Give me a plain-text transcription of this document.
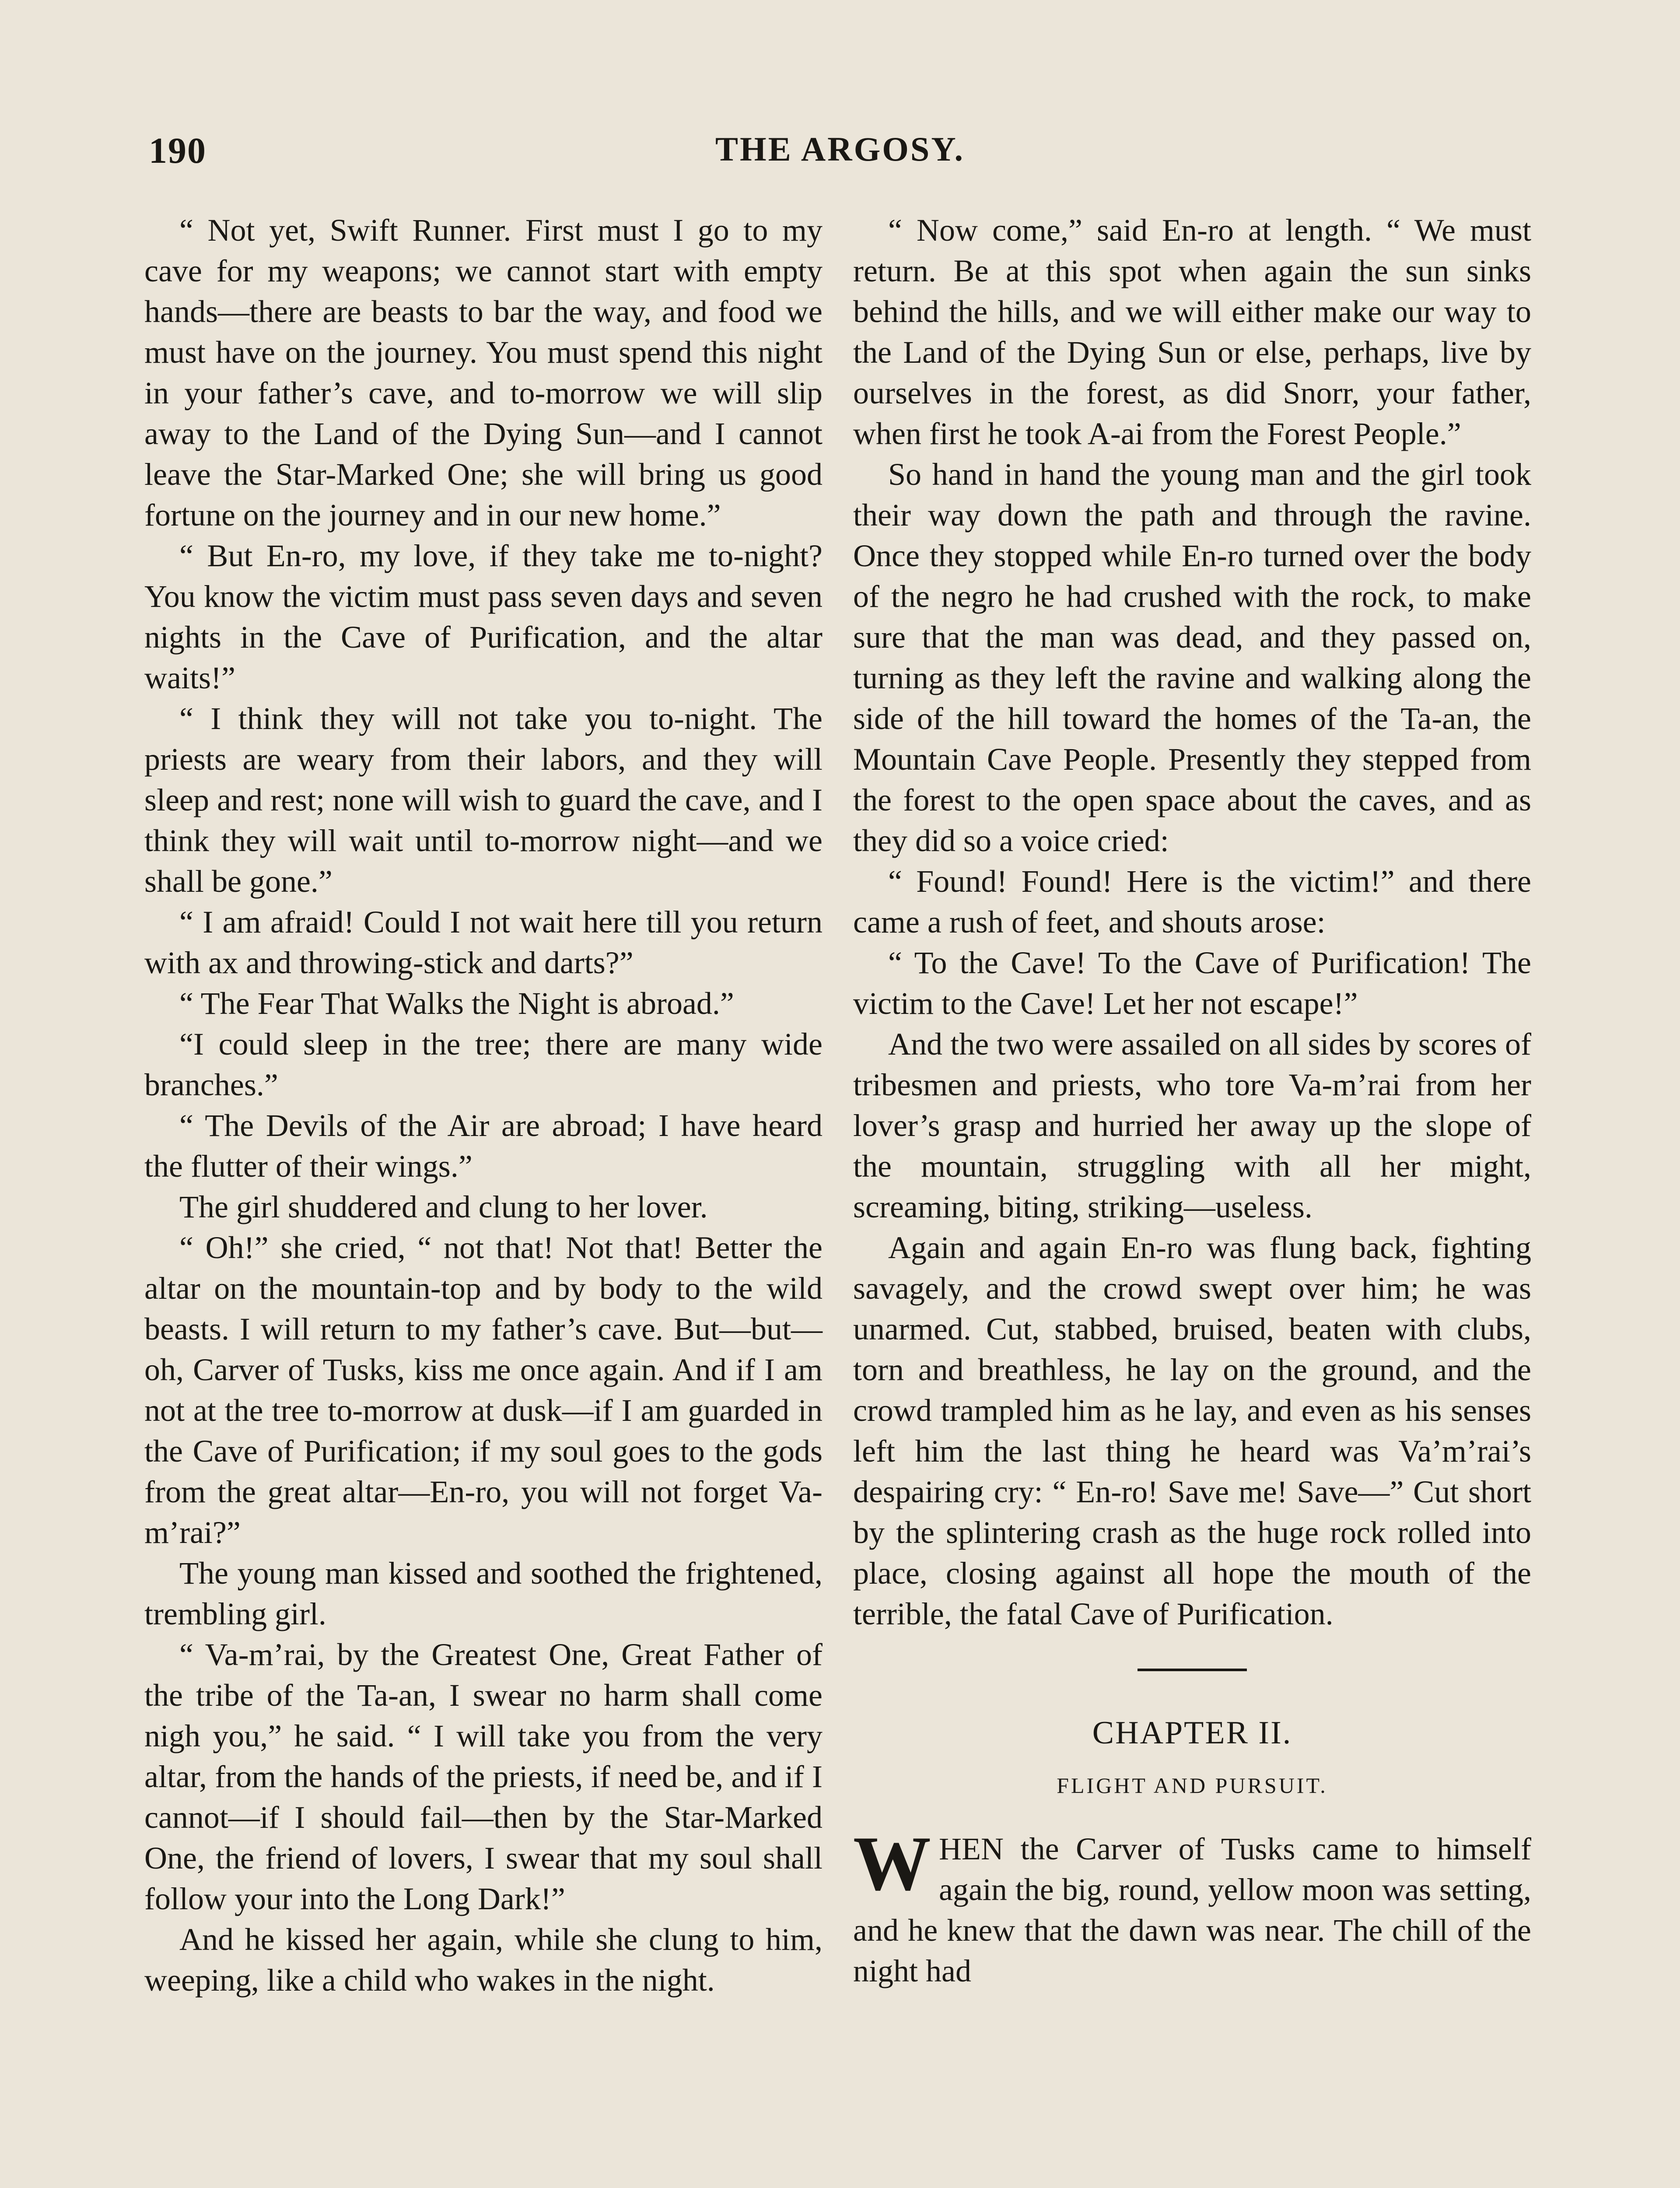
190	THE ARGOSY.

“ Not yet, Swift Runner. First must I go to my cave for my weapons; we cannot start with empty hands—there are beasts to bar the way, and food we must have on the journey. You must spend this night in your father’s cave, and to-morrow we will slip away to the Land of the Dying Sun—and I cannot leave the Star-Marked One; she will bring us good fortune on the journey and in our new home.”

“ But En-ro, my love, if they take me to-night? You know the victim must pass seven days and seven nights in the Cave of Purification, and the altar waits!”

“ I think they will not take you to-night. The priests are weary from their labors, and they will sleep and rest; none will wish to guard the cave, and I think they will wait until to-morrow night—and we shall be gone.”

“ I am afraid! Could I not wait here till you return with ax and throwing-stick and darts?”

“ The Fear That Walks the Night is abroad.”

“I could sleep in the tree; there are many wide branches.”

“ The Devils of the Air are abroad; I have heard the flutter of their wings.”

The girl shuddered and clung to her lover.

“ Oh!” she cried, “ not that! Not that! Better the altar on the mountain-top and by body to the wild beasts. I will return to my father’s cave. But—but—oh, Carver of Tusks, kiss me once again. And if I am not at the tree to-morrow at dusk—if I am guarded in the Cave of Purification; if my soul goes to the gods from the great altar—En-ro, you will not forget Va-m’rai?”

The young man kissed and soothed the frightened, trembling girl.

“ Va-m’rai, by the Greatest One, Great Father of the tribe of the Ta-an, I swear no harm shall come nigh you,” he said. “ I will take you from the very altar, from the hands of the priests, if need be, and if I cannot—if I should fail—then by the Star-Marked One, the friend of lovers, I swear that my soul shall follow your into the Long Dark!”

And he kissed her again, while she clung to him, weeping, like a child who wakes in the night.

“ Now come,” said En-ro at length. “ We must return. Be at this spot when again the sun sinks behind the hills, and we will either make our way to the Land of the Dying Sun or else, perhaps, live by ourselves in the forest, as did Snorr, your father, when first he took A-ai from the Forest People.”

So hand in hand the young man and the girl took their way down the path and through the ravine. Once they stopped while En-ro turned over the body of the negro he had crushed with the rock, to make sure that the man was dead, and they passed on, turning as they left the ravine and walking along the side of the hill toward the homes of the Ta-an, the Mountain Cave People. Presently they stepped from the forest to the open space about the caves, and as they did so a voice cried:

“ Found! Found! Here is the victim!” and there came a rush of feet, and shouts arose:

“ To the Cave! To the Cave of Purification! The victim to the Cave! Let her not escape!”

And the two were assailed on all sides by scores of tribesmen and priests, who tore Va-m’rai from her lover’s grasp and hurried her away up the slope of the mountain, struggling with all her might, screaming, biting, striking—useless.

Again and again En-ro was flung back, fighting savagely, and the crowd swept over him; he was unarmed. Cut, stabbed, bruised, beaten with clubs, torn and breathless, he lay on the ground, and the crowd trampled him as he lay, and even as his senses left him the last thing he heard was Va’m’rai’s despairing cry: “ En-ro! Save me! Save—” Cut short by the splintering crash as the huge rock rolled into place, closing against all hope the mouth of the terrible, the fatal Cave of Purification.

CHAPTER II.
FLIGHT AND PURSUIT.

WHEN the Carver of Tusks came to himself again the big, round, yellow moon was setting, and he knew that the dawn was near. The chill of the night had
